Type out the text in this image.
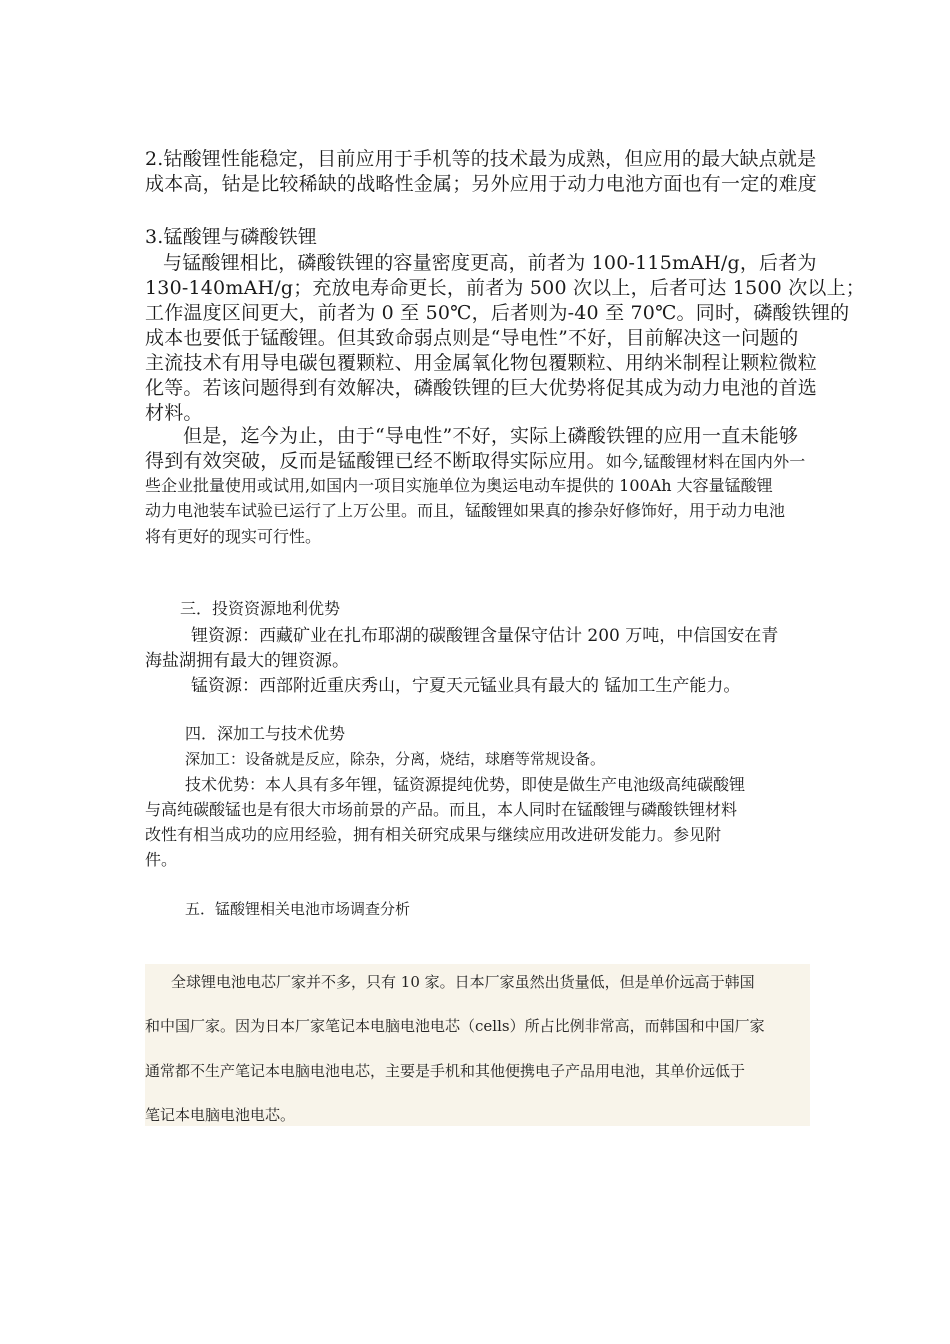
2.钴酸锂性能稳定，目前应用于手机等的技术最为成熟，但应用的最大缺点就是
成本高，钴是比较稀缺的战略性金属；另外应用于动力电池方面也有一定的难度
3.锰酸锂与磷酸铁锂
与锰酸锂相比，磷酸铁锂的容量密度更高，前者为 100-115mAH/g，后者为
130-140mAH/g；充放电寿命更长，前者为 500 次以上，后者可达 1500 次以上；
工作温度区间更大，前者为 0 至 50℃，后者则为-40 至 70℃。同时，磷酸铁锂的
成本也要低于锰酸锂。但其致命弱点则是“导电性”不好，目前解决这一问题的
主流技术有用导电碳包覆颗粒、用金属氧化物包覆颗粒、用纳米制程让颗粒微粒
化等。若该问题得到有效解决，磷酸铁锂的巨大优势将促其成为动力电池的首选
材料。
但是，迄今为止，由于“导电性”不好，实际上磷酸铁锂的应用一直未能够
得到有效突破，反而是锰酸锂已经不断取得实际应用。如今,锰酸锂材料在国内外一
些企业批量使用或试用,如国内一项目实施单位为奥运电动车提供的 100Ah 大容量锰酸锂
动力电池装车试验已运行了上万公里。而且，锰酸锂如果真的掺杂好修饰好，用于动力电池
将有更好的现实可行性。
三．投资资源地利优势
锂资源：西藏矿业在扎布耶湖的碳酸锂含量保守估计 200 万吨，中信国安在青
海盐湖拥有最大的锂资源。
锰资源：西部附近重庆秀山，宁夏天元锰业具有最大的 锰加工生产能力。
四．深加工与技术优势
深加工：设备就是反应，除杂，分离，烧结，球磨等常规设备。
技术优势：本人具有多年锂，锰资源提纯优势，即使是做生产电池级高纯碳酸锂
与高纯碳酸锰也是有很大市场前景的产品。而且，本人同时在锰酸锂与磷酸铁锂材料
改性有相当成功的应用经验，拥有相关研究成果与继续应用改进研发能力。参见附
件。
五．锰酸锂相关电池市场调查分析
全球锂电池电芯厂家并不多，只有 10 家。日本厂家虽然出货量低，但是单价远高于韩国
和中国厂家。因为日本厂家笔记本电脑电池电芯（cells）所占比例非常高，而韩国和中国厂家
通常都不生产笔记本电脑电池电芯，主要是手机和其他便携电子产品用电池，其单价远低于
笔记本电脑电池电芯。
